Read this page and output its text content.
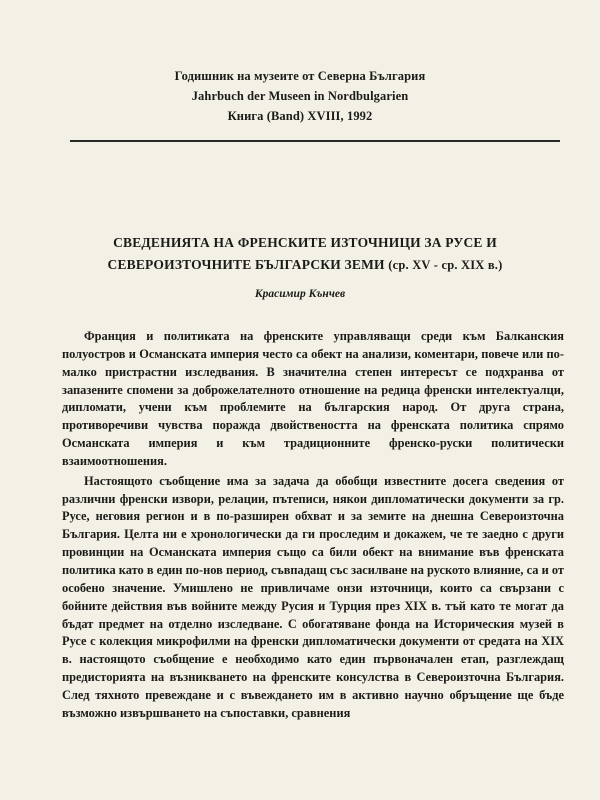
Годишник на музеите от Северна България
Jahrbuch der Museen in Nordbulgarien
Книга (Band) XVIII, 1992
СВЕДЕНИЯТА НА ФРЕНСКИТЕ ИЗТОЧНИЦИ ЗА РУСЕ И
СЕВЕРОИЗТОЧНИТЕ БЪЛГАРСКИ ЗЕМИ (ср. XV - ср. XIX в.)
Красимир Кънчев

Франция и политиката на френските управляващи среди към Балканския полуостров и Османската империя често са обект на анализи, коментари, повече или по-малко пристрастни изследвания. В значителна степен интересът се подхранва от запазените спомени за доброжелателното отношение на редица френски интелектуалци, дипломати, учени към проблемите на българския народ. От друга страна, противоречиви чувства поражда двойствеността на френската политика спрямо Османската империя и към традиционните френско-руски политически взаимоотношения.

Настоящото съобщение има за задача да обобщи известните досега сведения от различни френски извори, релации, пътеписи, някои дипломатически документи за гр. Русе, неговия регион и в по-разширен обхват и за земите на днешна Североизточна България. Целта ни е хронологически да ги проследим и докажем, че те заедно с други провинции на Османската империя също са били обект на внимание във френската политика като в един по-нов период, съвпадащ със засилване на руското влияние, са и от особено значение. Умишлено не привличаме онзи източници, които са свързани с бойните действия във войните между Русия и Турция през XIX в. тъй като те могат да бъдат предмет на отделно изследване. С обогатяване фонда на Историческия музей в Русе с колекция микрофилми на френски дипломатически документи от средата на XIX в. настоящото съобщение е необходимо като един първоначален етап, разглеждащ предисторията на възникването на френските консулства в Североизточна България. След тяхното превеждане и с въвеждането им в активно научно обръщение ще бъде възможно извършването на съпоставки, сравнения
